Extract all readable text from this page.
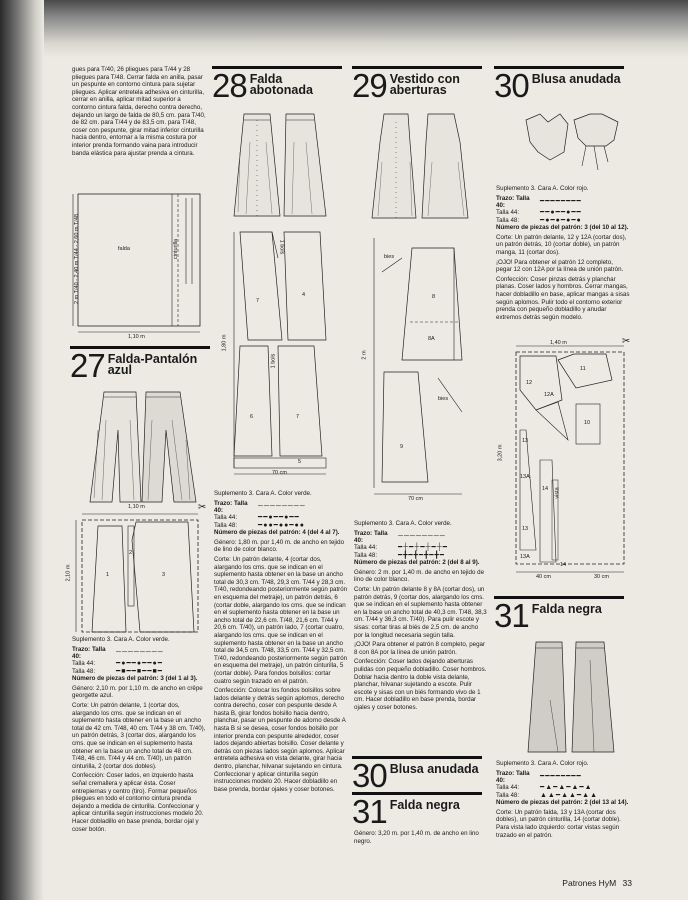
gues para T/40, 26 pliegues para T/44 y 28 pliegues para T/48. Cerrar falda en anilla, pasar un pespunte en contorno cintura para sujetar pliegues. Aplicar entretela adhesiva en cinturilla, cerrar en anilla, aplicar mitad superior a contorno cintura falda, derecho contra derecho, dejando un largo de falda de 80,5 cm. para T/40, de 82 cm. para T/44 y de 83,5 cm. para T/48, coser con pespunte, girar mitad inferior cinturilla hacia dentro, entornar a la misma costura por interior prenda formando vaina para introducir banda elástica para ajustar prenda a cintura.

2 m T/40 - 2,40 m T/44 - 2,60 m T/48	falda	cinturilla
1,10 m
27 Falda-Pantalón azul
1,10 m
2,10 m	1
2
3
✂

Suplemento 3. Cara A. Color verde.

Trazo: Talla 40:
────────
Talla 44:	━●━━●━━●━
Talla 48:	━■━━■━━■━

Número de piezas del patrón: 3 (del 1 al 3).

Género: 2,10 m. por 1,10 m. de ancho en crêpe georgette azul.

Corte: Un patrón delante, 1 (cortar dos, alargando los cms. que se indican en el suplemento hasta obtener en la base un ancho total de 42 cm. T/48, 40 cm. T/44 y 38 cm. T/40), un patrón detrás, 3 (cortar dos, alargando los cms. que se indican en el suplemento hasta obtener en la base un ancho total de 48 cm. T/48, 46 cm. T/44 y 44 cm. T/40), un patrón cinturilla, 2 (cortar dos dobles).

Confección: Coser lados, en izquierdo hasta señal cremallera y aplicar ésta. Coser entrepiernas y centro (tiro). Formar pequeños pliegues en todo el contorno cintura prenda dejando a medida de cinturilla. Confeccionar y aplicar cinturilla según instrucciones modelo 20. Hacer dobladillo en base prenda, bordar ojal y coser botón.

28 Falda abotonada
1,80 m
1 bols
7
4
1 bols
6	7
5
70 cm

Suplemento 3. Cara A. Color verde.

Trazo: Talla 40:
────────
Talla 44:	━━●━━●━━
Talla 48:	━●●━●●━●●

Número de piezas del patrón: 4 (del 4 al 7).

Género: 1,80 m. por 1,40 m. de ancho en tejido de lino de color blanco.

Corte: Un patrón delante, 4 (cortar dos, alargando los cms. que se indican en el suplemento hasta obtener en la base un ancho total de 30,3 cm. T/48, 29,3 cm. T/44 y 28,3 cm. T/40, redondeando posteriormente según patrón en esquema del metraje), un patrón detrás, 6 (cortar doble, alargando los cms. que se indican en el suplemento hasta obtener en la base un ancho total de 22,6 cm. T/48, 21,6 cm. T/44 y 20,6 cm. T/40), un patrón lado, 7 (cortar cuatro, alargando los cms. que se indican en el suplemento hasta obtener en la base un ancho total de 34,5 cm. T/48, 33,5 cm. T/44 y 32,5 cm. T/40, redondeando posteriormente según patrón en esquema del metraje), un patrón cinturilla, 5 (cortar doble). Para fondos bolsillos: cortar cuatro según trazado en el patrón.

Confección: Colocar los fondos bolsillos sobre lados delante y detrás según aplomos, derecho contra derecho, coser con pespunte desde A hasta B, girar fondos bolsillo hacia dentro, planchar, pasar un pespunte de adorno desde A hasta B si se desea, coser fondos bolsillo por interior prenda con pespunte alrededor, coser lados dejando abiertas bolsillo. Coser delante y detrás con piezas lados según aplomos. Aplicar entretela adhesiva en vista delante, girar hacia dentro, planchar, hilvanar sujetando en cintura. Confeccionar y aplicar cinturilla según instrucciones modelo 20. Hacer dobladillo en base prenda, bordar ojales y coser botones.

29 Vestido con aberturas
2 m
bies
8
8A
bies
9
70 cm

Suplemento 3. Cara A. Color verde.

Trazo: Talla 40:
────────
Talla 44:	━┼━┼━┼━┼━
Talla 48:	━╋━╋━╋━╋━

Número de piezas del patrón: 2 (del 8 al 9).

Género: 2 m. por 1,40 m. de ancho en tejido de lino de color blanco.

Corte: Un patrón delante 8 y 8A (cortar dos), un patrón detrás, 9 (cortar dos, alargando los cms. que se indican en el suplemento hasta obtener en la base un ancho total de 40,3 cm. T/48, 38,3 cm. T/44 y 36,3 cm. T/40). Para pulir escote y sisas: cortar tiras al biés de 2,5 cm. de ancho por la longitud necesaria según talla.

¡OJO! Para obtener el patrón 8 completo, pegar 8 con 8A por la línea de unión patrón.

Confección: Coser lados dejando aberturas pulidas con pequeño dobladillo. Coser hombros. Doblar hacia dentro la doble vista delante, planchar, hilvanar sujetando a escote. Pulir escote y sisas con un biés formando vivo de 1 cm. Hacer dobladillo en base prenda, bordar ojales y coser botones.

30 Blusa anudada
31 Falda negra

Género: 3,20 m. por 1,40 m. de ancho en lino negro.

30 Blusa anudada

Suplemento 3. Cara A. Color rojo.

Trazo: Talla 40:
━━━━━━━━
Talla 44:	━━●━━●━━
Talla 48:	━●━●━●━●

Número de piezas del patrón: 3 (del 10 al 12).

Corte: Un patrón delante, 12 y 12A (cortar dos), un patrón detrás, 10 (cortar doble), un patrón manga, 11 (cortar dos).

¡OJO! Para obtener el patrón 12 completo, pegar 12 con 12A por la línea de unión patrón.

Confección: Coser pinzas detrás y planchar planas. Coser lados y hombros. Cerrar mangas, hacer dobladillo en base, aplicar mangas a sisas según aplomos. Pulir todo el contorno exterior prenda con pequeño dobladillo y anudar extremos detrás según modelo.

1,40 m
3,20 m
11
12
12A
10
13
13A
14 vista
13
13A
14
40 cm	30 cm
✂
31 Falda negra

Suplemento 3. Cara A. Color rojo.

Trazo: Talla 40:
━━━━━━━━
Talla 44:	━▲━▲━▲━▲
Talla 48:	▲▲━▲▲━▲▲

Número de piezas del patrón: 2 (del 13 al 14).

Corte: Un patrón falda, 13 y 13A (cortar dos dobles), un patrón cinturilla, 14 (cortar doble). Para vista lado izquierdo: cortar vistas según trazado en el patrón.

Patrones HyM 33
